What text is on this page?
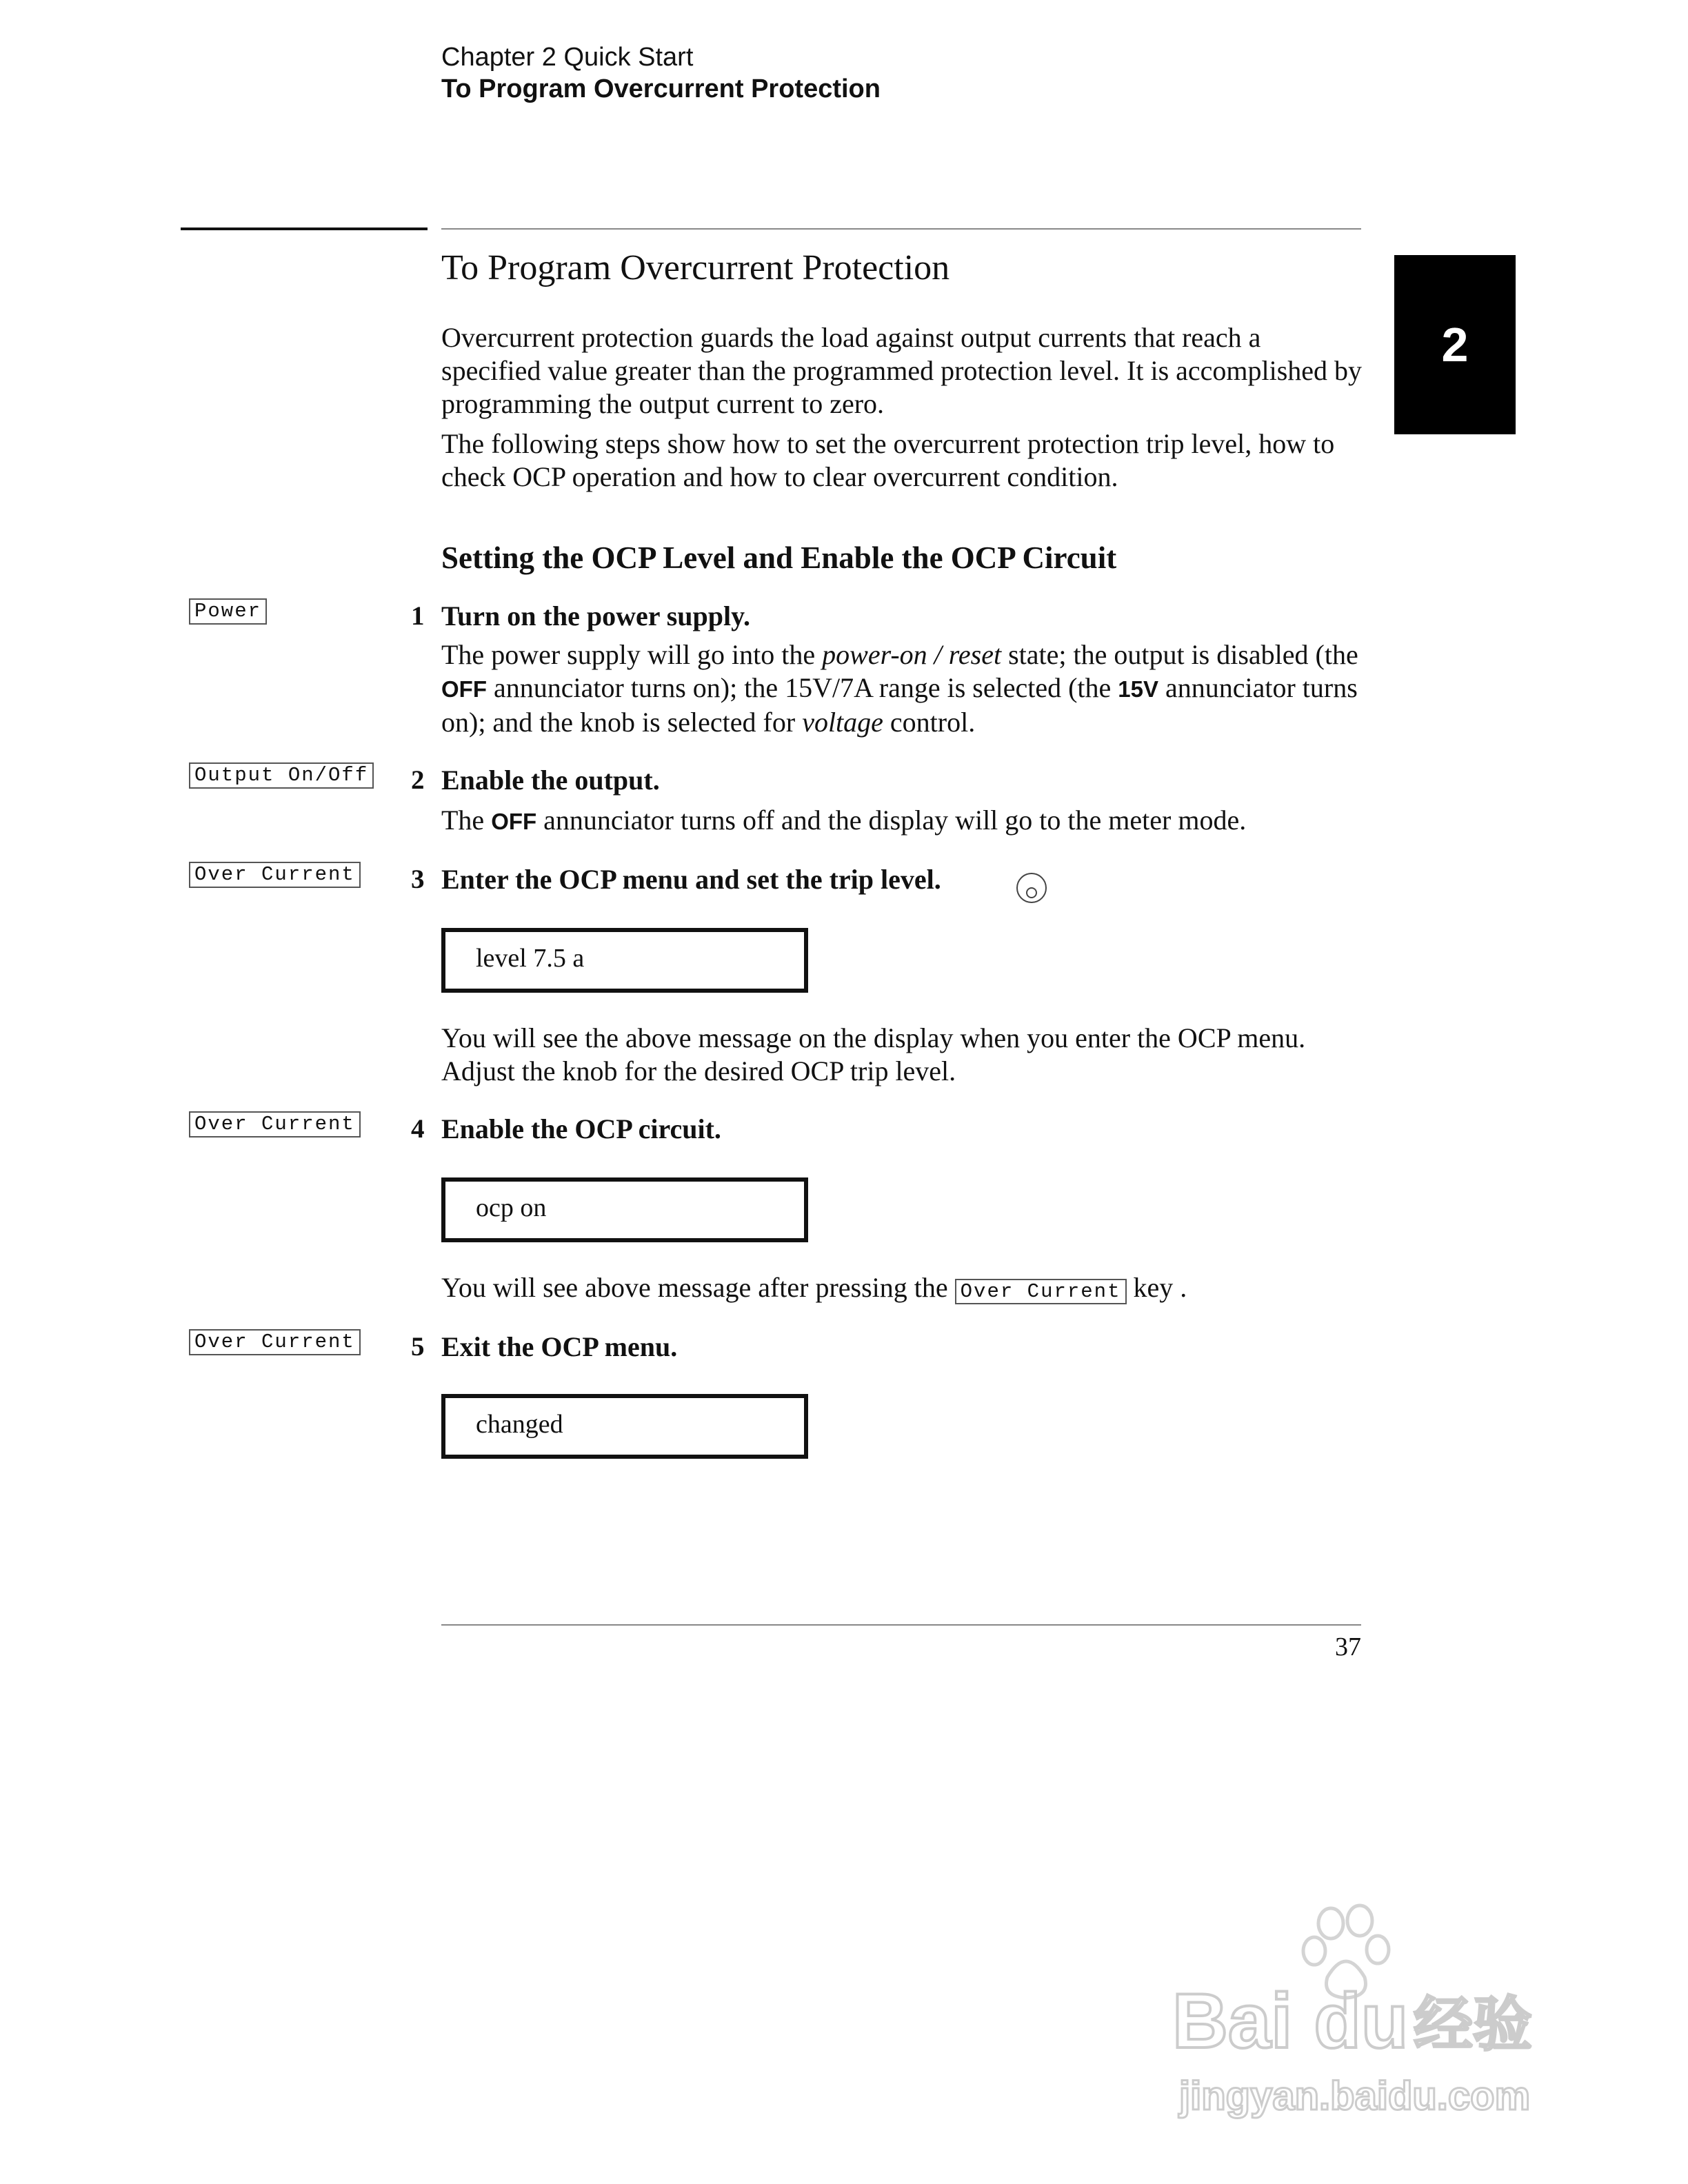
Chapter 2 Quick Start
To Program Overcurrent Protection
2
To Program Overcurrent Protection
Overcurrent protection guards the load against output currents that reach a specified value greater than the programmed protection level. It is accomplished by programming the output current to zero.
The following steps show how to set the overcurrent protection trip level, how to check OCP operation and how to clear overcurrent condition.
Setting the OCP Level and Enable the OCP Circuit
Power	1 Turn on the power supply.
The power supply will go into the power-on / reset state; the output is disabled (the OFF annunciator turns on); the 15V/7A range is selected (the 15V annunciator turns on); and the knob is selected for voltage control.
Output On/Off 2 Enable the output.
The OFF annunciator turns off and the display will go to the meter mode.
Over Current 3 Enter the OCP menu and set the trip level.
level 7.5 a
You will see the above message on the display when you enter the OCP menu. Adjust the knob for the desired OCP trip level.
Over Current 4 Enable the OCP circuit.
ocp on
You will see above message after pressing the Over Current key .
Over Current 5 Exit the OCP menu.
changed
37
Bai du 经验
jingyan.baidu.com
